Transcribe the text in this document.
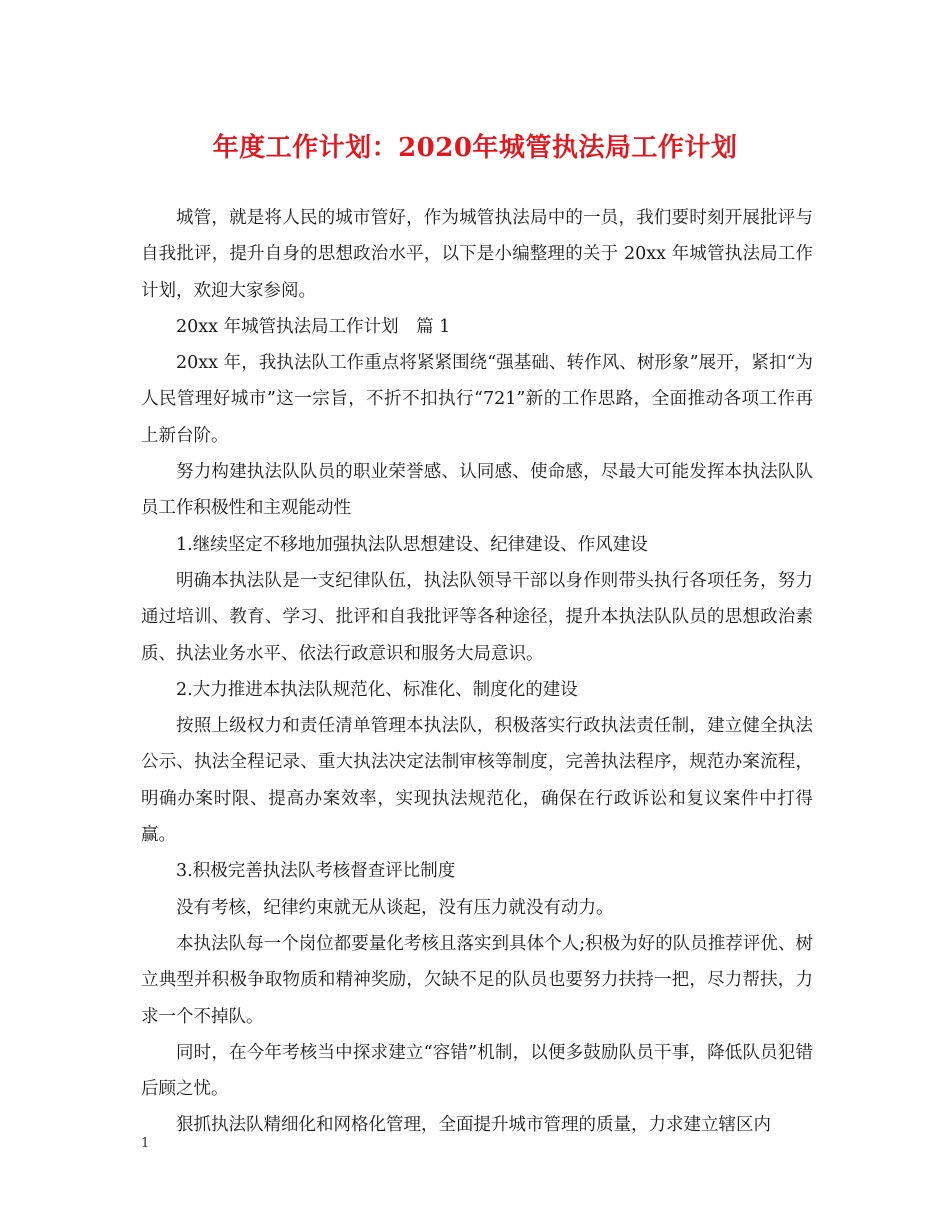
年度工作计划：2020年城管执法局工作计划

城管，就是将人民的城市管好，作为城管执法局中的一员，我们要时刻开展批评与自我批评，提升自身的思想政治水平，以下是小编整理的关于 20xx 年城管执法局工作计划，欢迎大家参阅。

20xx 年城管执法局工作计划　篇 1

20xx 年，我执法队工作重点将紧紧围绕“强基础、转作风、树形象”展开，紧扣“为人民管理好城市”这一宗旨，不折不扣执行“721”新的工作思路，全面推动各项工作再上新台阶。

努力构建执法队队员的职业荣誉感、认同感、使命感，尽最大可能发挥本执法队队员工作积极性和主观能动性

1.继续坚定不移地加强执法队思想建设、纪律建设、作风建设

明确本执法队是一支纪律队伍，执法队领导干部以身作则带头执行各项任务，努力通过培训、教育、学习、批评和自我批评等各种途径，提升本执法队队员的思想政治素质、执法业务水平、依法行政意识和服务大局意识。

2.大力推进本执法队规范化、标准化、制度化的建设

按照上级权力和责任清单管理本执法队，积极落实行政执法责任制，建立健全执法公示、执法全程记录、重大执法决定法制审核等制度，完善执法程序，规范办案流程，明确办案时限、提高办案效率，实现执法规范化，确保在行政诉讼和复议案件中打得赢。

3.积极完善执法队考核督查评比制度

没有考核，纪律约束就无从谈起，没有压力就没有动力。

本执法队每一个岗位都要量化考核且落实到具体个人;积极为好的队员推荐评优、树立典型并积极争取物质和精神奖励，欠缺不足的队员也要努力扶持一把，尽力帮扶，力求一个不掉队。

同时，在今年考核当中探求建立“容错”机制，以便多鼓励队员干事，降低队员犯错后顾之忧。

狠抓执法队精细化和网格化管理，全面提升城市管理的质量，力求建立辖区内

1
